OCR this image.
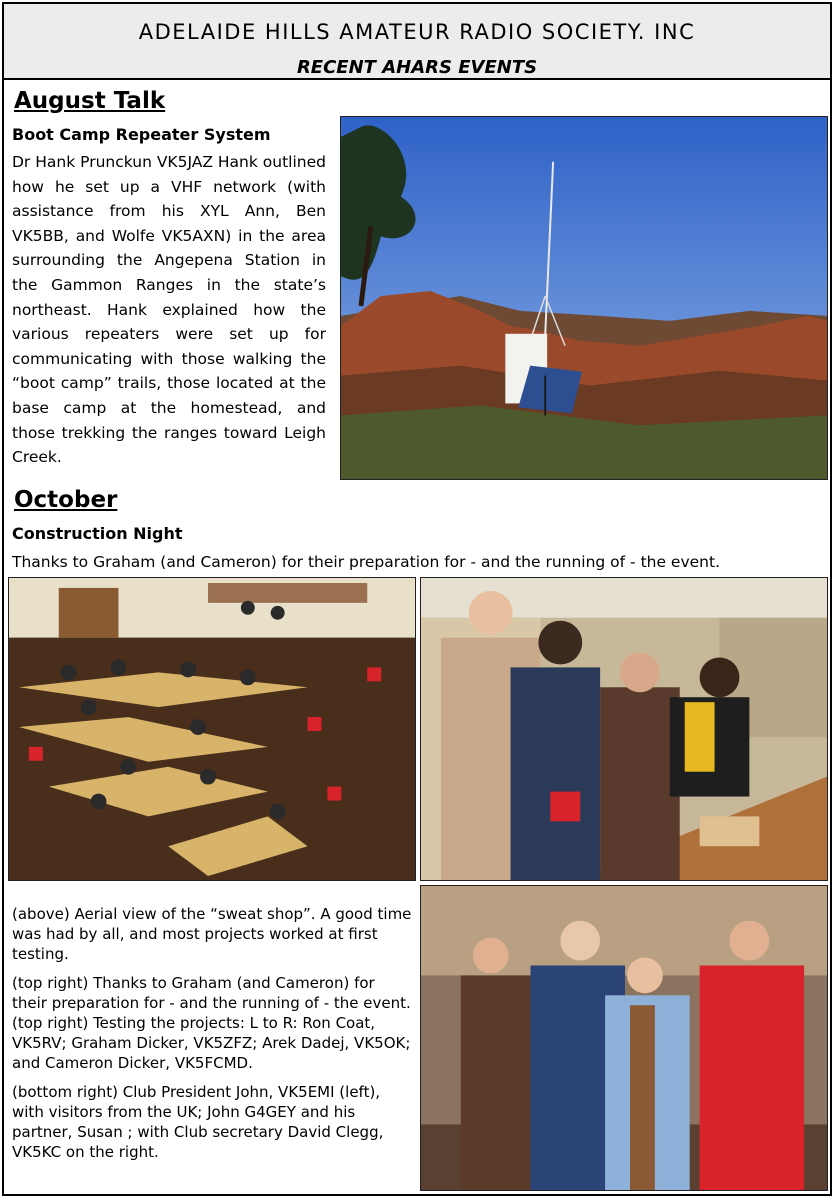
ADELAIDE HILLS AMATEUR RADIO SOCIETY. INC
RECENT AHARS EVENTS
August Talk
Boot Camp Repeater System
Dr Hank Prunckun VK5JAZ Hank outlined how he set up a VHF network (with assistance from his XYL Ann, Ben VK5BB, and Wolfe VK5AXN) in the area surrounding the Angepena Station in the Gammon Ranges in the state’s northeast. Hank explained how the various repeaters were set up for communicating with those walking the “boot camp” trails, those located at the base camp at the homestead, and those trekking the ranges toward Leigh Creek.
October
Construction Night
Thanks to Graham (and Cameron) for their preparation for - and the running of - the event.

(above) Aerial view of the “sweat shop”. A good time was had by all, and most projects worked at first testing.

(top right) Thanks to Graham (and Cameron) for their preparation for - and the running of - the event.

(top right) Testing the projects: L to R: Ron Coat, VK5RV; Graham Dicker, VK5ZFZ; Arek Dadej, VK5OK; and Cameron Dicker, VK5FCMD.

(bottom right) Club President John, VK5EMI (left), with visitors from the UK; John G4GEY and his partner, Susan ; with Club secretary David Clegg, VK5KC on the right.
